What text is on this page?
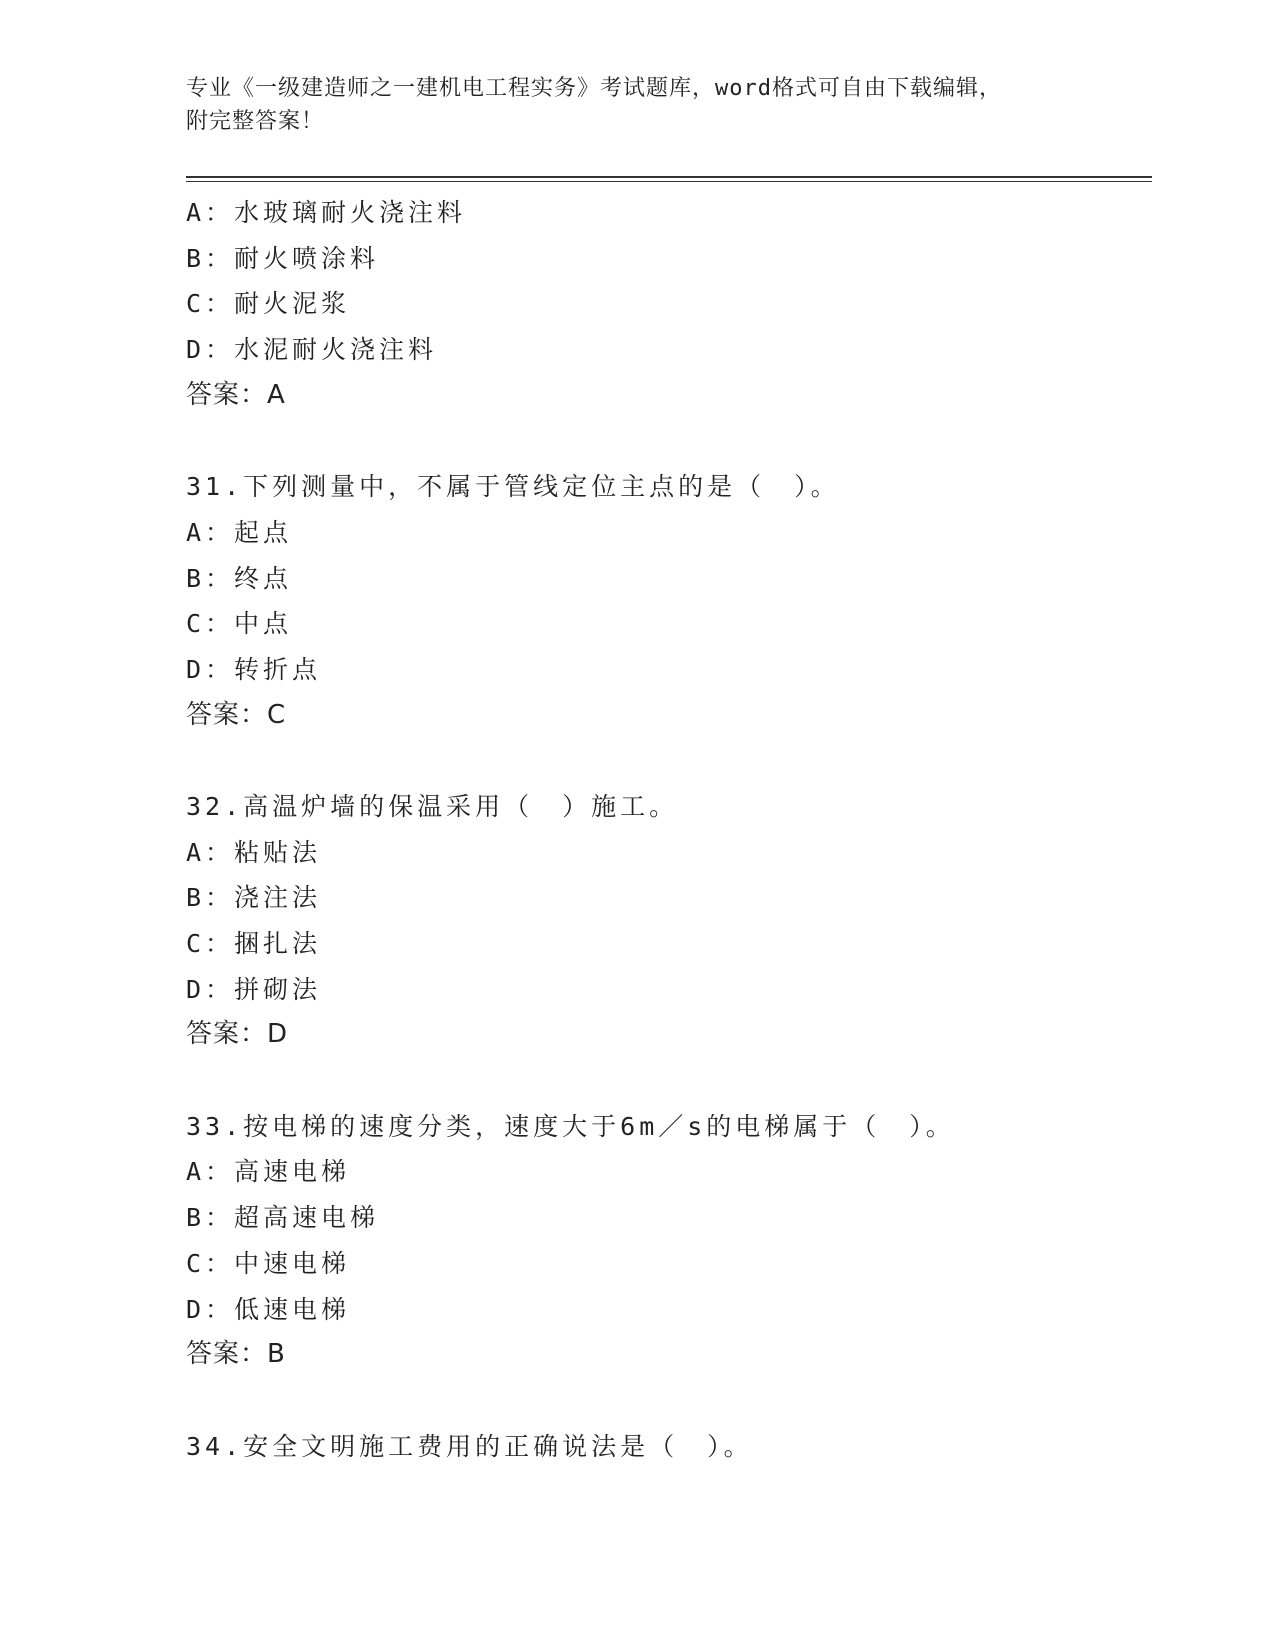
专业《一级建造师之一建机电工程实务》考试题库，word格式可自由下载编辑，
附完整答案！
A：水玻璃耐火浇注料
B：耐火喷涂料
C：耐火泥浆
D：水泥耐火浇注料
答案：A
31.下列测量中，不属于管线定位主点的是（　）。
A：起点
B：终点
C：中点
D：转折点
答案：C
32.高温炉墙的保温采用（　）施工。
A：粘贴法
B：浇注法
C：捆扎法
D：拼砌法
答案：D
33.按电梯的速度分类，速度大于6m／s的电梯属于（　）。
A：高速电梯
B：超高速电梯
C：中速电梯
D：低速电梯
答案：B
34.安全文明施工费用的正确说法是（　）。
